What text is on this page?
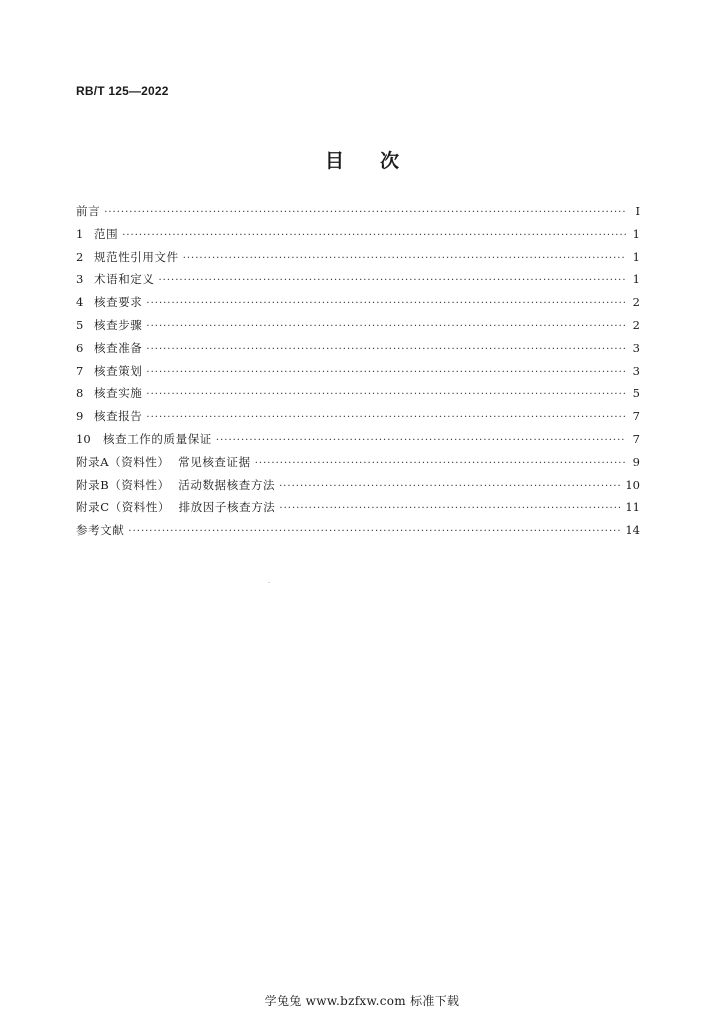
RB/T 125—2022
目次
前言 ·····	Ⅰ
1 范围 ·····	1
2 规范性引用文件 ·····	1
3 术语和定义 ·····	1
4 核查要求 ·····	2
5 核查步骤 ·····	2
6 核查准备 ·····	3
7 核查策划 ·····	3
8 核查实施 ·····	5
9 核查报告 ·····	7
10	核查工作的质量保证 ·····	7
附录A（资料性）  常见核查证据 ·····	9
附录B（资料性）  活动数据核查方法 ·····	10
附录C（资料性）  排放因子核查方法 ·····	11
参考文献 ·····	14
学兔兔 www.bzfxw.com 标准下载
